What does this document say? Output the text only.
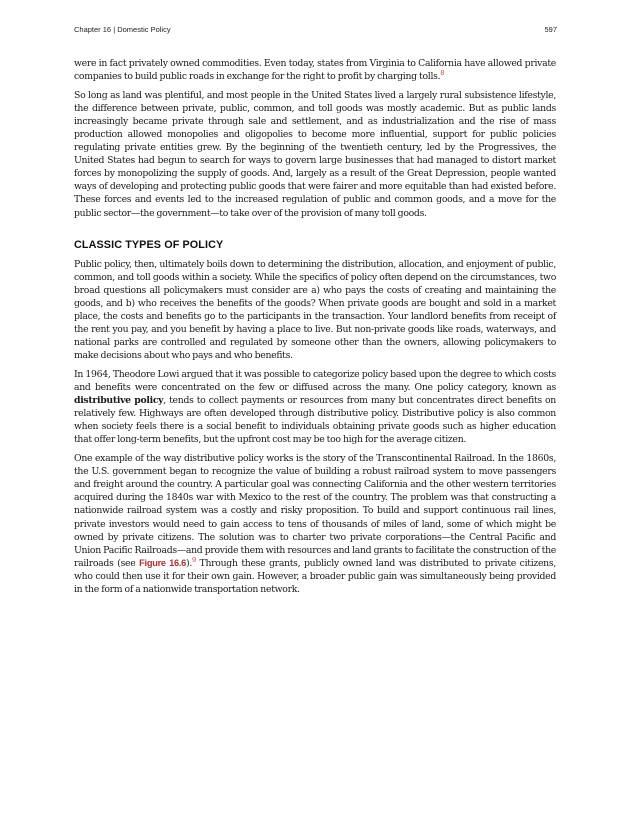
Chapter 16 | Domestic Policy	597

were in fact privately owned commodities. Even today, states from Virginia to California have allowed private companies to build public roads in exchange for the right to profit by charging tolls.$^8$

So long as land was plentiful, and most people in the United States lived a largely rural subsistence lifestyle, the difference between private, public, common, and toll goods was mostly academic. But as public lands increasingly became private through sale and settlement, and as industrialization and the rise of mass production allowed monopolies and oligopolies to become more influential, support for public policies regulating private entities grew. By the beginning of the twentieth century, led by the Progressives, the United States had begun to search for ways to govern large businesses that had managed to distort market forces by monopolizing the supply of goods. And, largely as a result of the Great Depression, people wanted ways of developing and protecting public goods that were fairer and more equitable than had existed before. These forces and events led to the increased regulation of public and common goods, and a move for the public sector—the government—to take over of the provision of many toll goods.

CLASSIC TYPES OF POLICY

Public policy, then, ultimately boils down to determining the distribution, allocation, and enjoyment of public, common, and toll goods within a society. While the specifics of policy often depend on the circumstances, two broad questions all policymakers must consider are a) who pays the costs of creating and maintaining the goods, and b) who receives the benefits of the goods? When private goods are bought and sold in a market place, the costs and benefits go to the participants in the transaction. Your landlord benefits from receipt of the rent you pay, and you benefit by having a place to live. But non-private goods like roads, waterways, and national parks are controlled and regulated by someone other than the owners, allowing policymakers to make decisions about who pays and who benefits.

In 1964, Theodore Lowi argued that it was possible to categorize policy based upon the degree to which costs and benefits were concentrated on the few or diffused across the many. One policy category, known as distributive policy, tends to collect payments or resources from many but concentrates direct benefits on relatively few. Highways are often developed through distributive policy. Distributive policy is also common when society feels there is a social benefit to individuals obtaining private goods such as higher education that offer long-term benefits, but the upfront cost may be too high for the average citizen.

One example of the way distributive policy works is the story of the Transcontinental Railroad. In the 1860s, the U.S. government began to recognize the value of building a robust railroad system to move passengers and freight around the country. A particular goal was connecting California and the other western territories acquired during the 1840s war with Mexico to the rest of the country. The problem was that constructing a nationwide railroad system was a costly and risky proposition. To build and support continuous rail lines, private investors would need to gain access to tens of thousands of miles of land, some of which might be owned by private citizens. The solution was to charter two private corporations—the Central Pacific and Union Pacific Railroads—and provide them with resources and land grants to facilitate the construction of the railroads (see Figure 16.6).$^9$ Through these grants, publicly owned land was distributed to private citizens, who could then use it for their own gain. However, a broader public gain was simultaneously being provided in the form of a nationwide transportation network.
